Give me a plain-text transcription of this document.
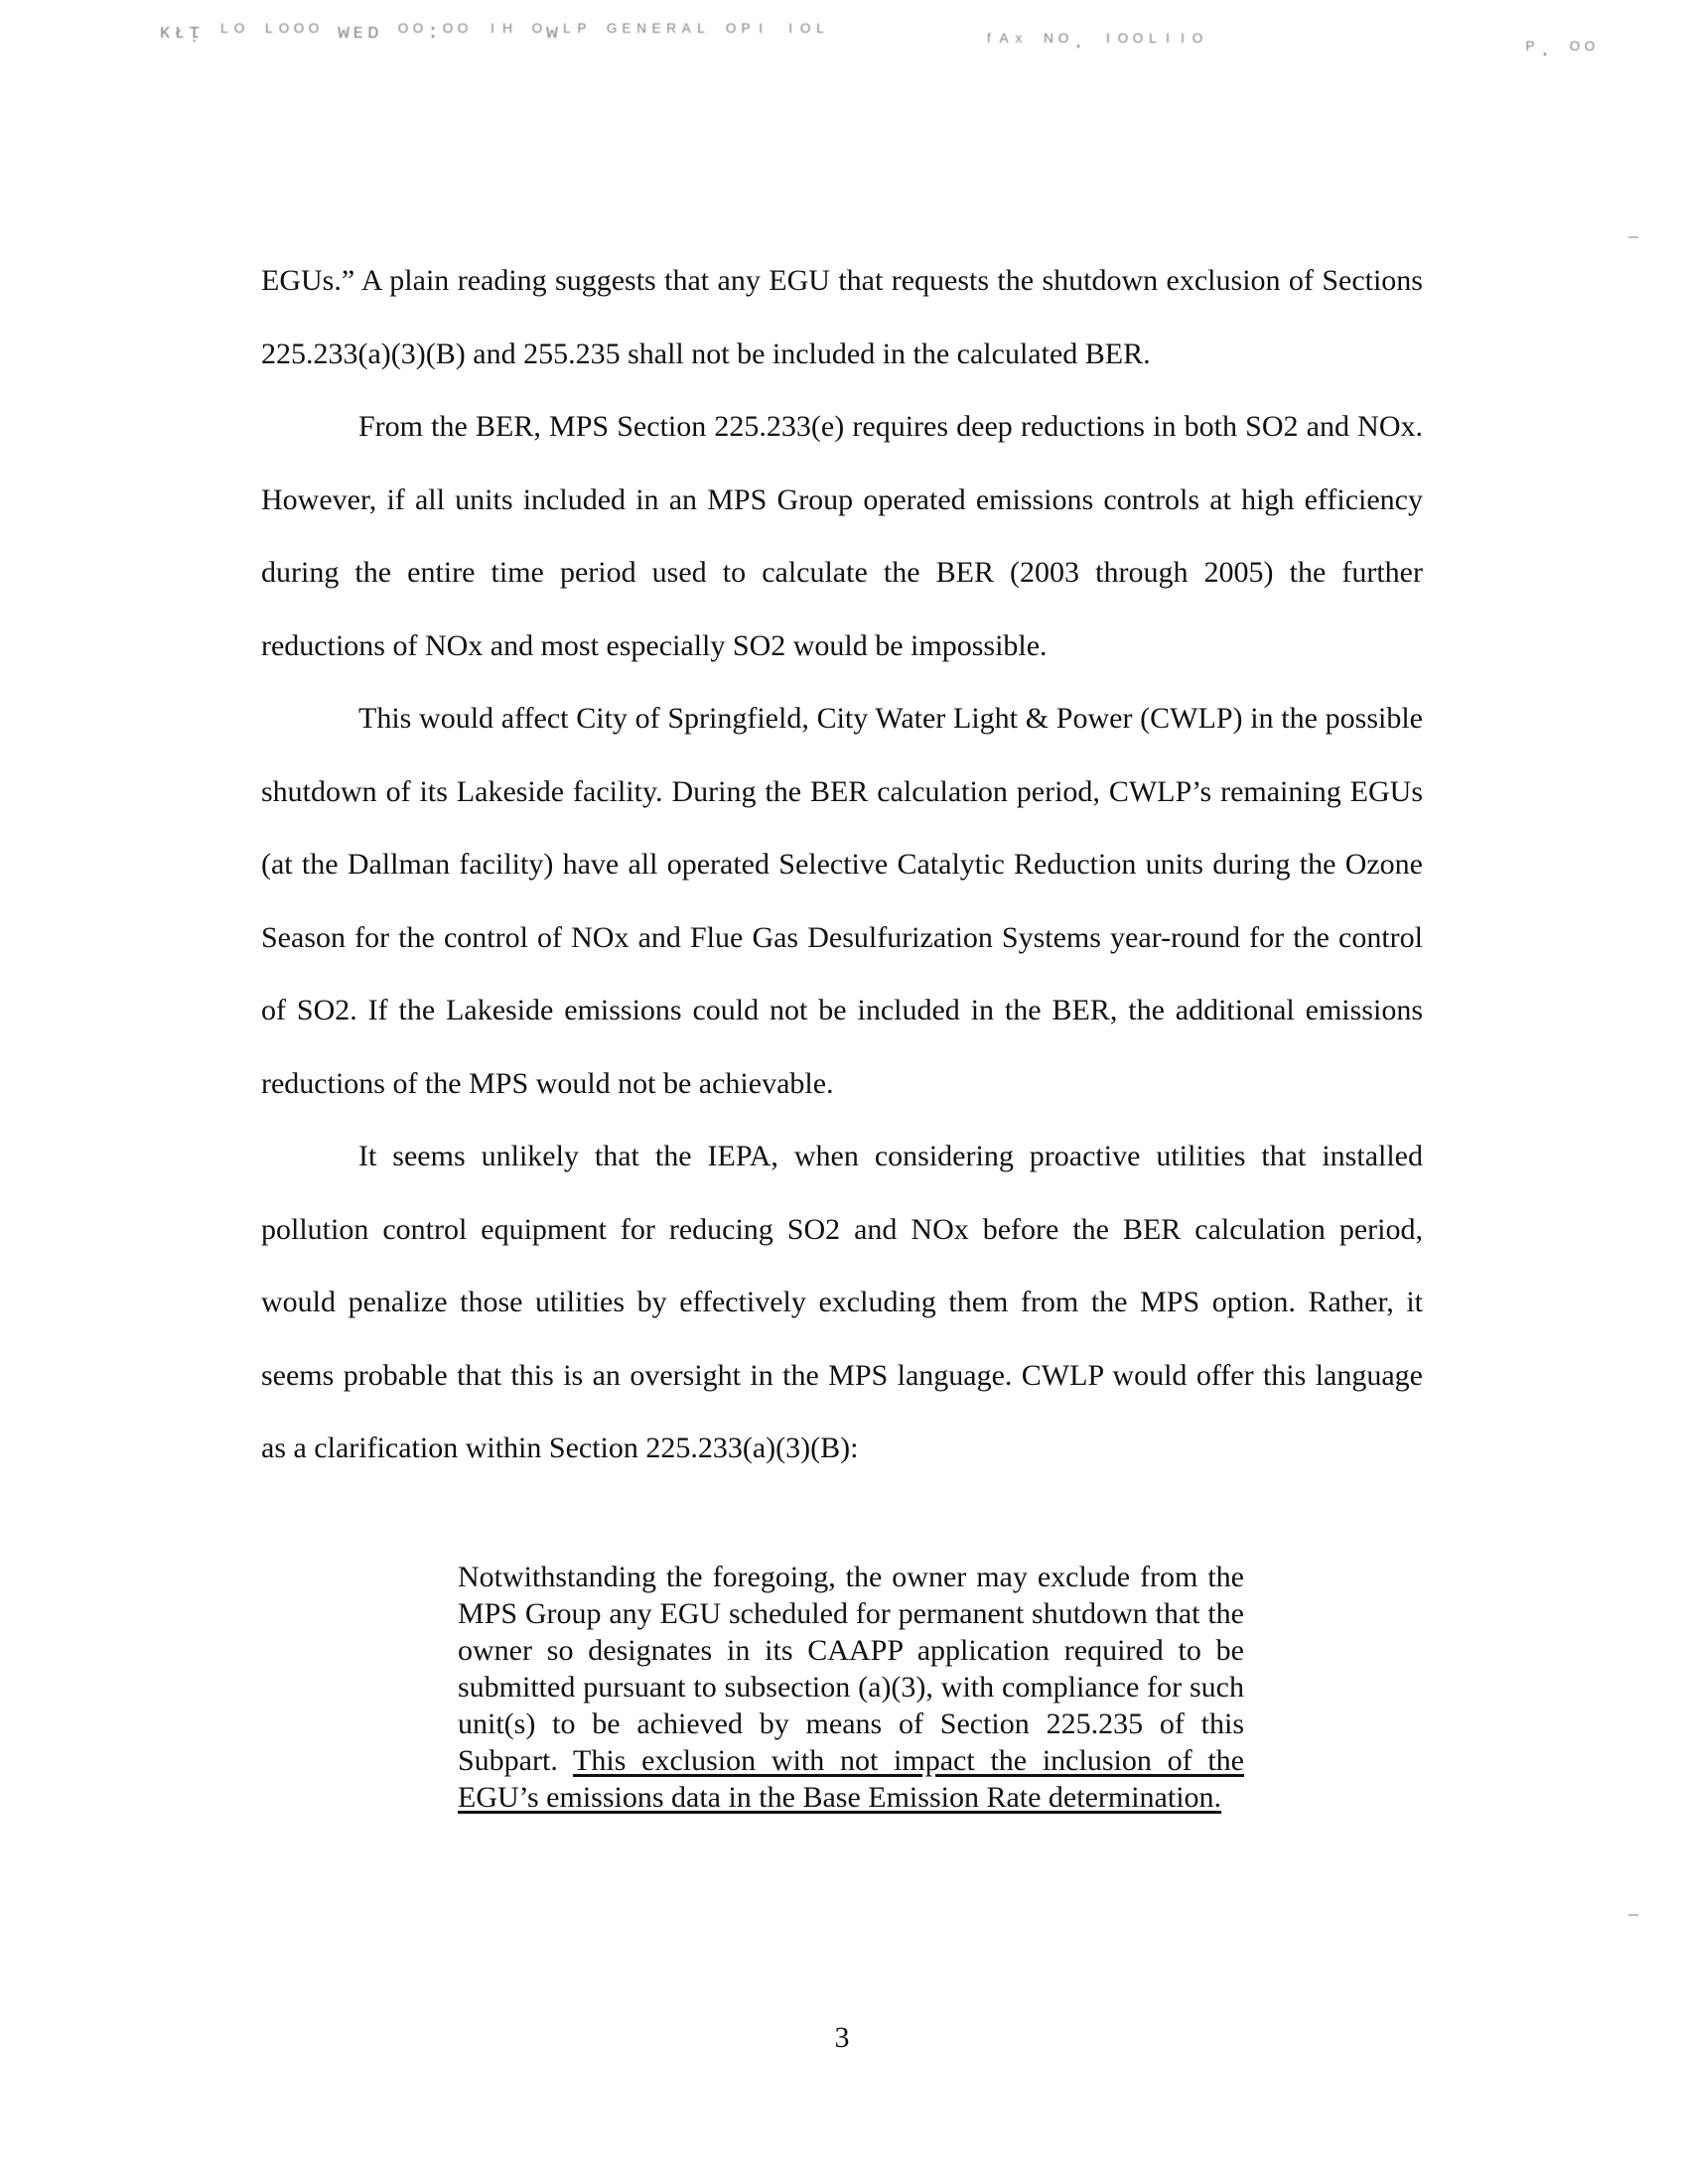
ᴋᴌᴉ ᴸᴼ ᴸᴼᴼᴼ ᴡᴇᴅ ᴼᴼ:ᴼᴼ ᴵᴴ ᴼᴡᴸᴾ ᴳᴱᴺᴱᴿᴬᴸ ᴼᴾᴵ ᴵᴼᴸ	ᶠᴬˣ ᴺᴼ. ᴵᴼᴼᴸᴵᴵᴼ	ᴾ. ᴼᴼ

EGUs.” A plain reading suggests that any EGU that requests the shutdown exclusion of Sections 225.233(a)(3)(B) and 255.235 shall not be included in the calculated BER.

From the BER, MPS Section 225.233(e) requires deep reductions in both SO2 and NOx. However, if all units included in an MPS Group operated emissions controls at high efficiency during the entire time period used to calculate the BER (2003 through 2005) the further reductions of NOx and most especially SO2 would be impossible.

This would affect City of Springfield, City Water Light & Power (CWLP) in the possible shutdown of its Lakeside facility. During the BER calculation period, CWLP’s remaining EGUs (at the Dallman facility) have all operated Selective Catalytic Reduction units during the Ozone Season for the control of NOx and Flue Gas Desulfurization Systems year-round for the control of SO2. If the Lakeside emissions could not be included in the BER, the additional emissions reductions of the MPS would not be achievable.

It seems unlikely that the IEPA, when considering proactive utilities that installed pollution control equipment for reducing SO2 and NOx before the BER calculation period, would penalize those utilities by effectively excluding them from the MPS option. Rather, it seems probable that this is an oversight in the MPS language. CWLP would offer this language as a clarification within Section 225.233(a)(3)(B):

Notwithstanding the foregoing, the owner may exclude from the MPS Group any EGU scheduled for permanent shutdown that the owner so designates in its CAAPP application required to be submitted pursuant to subsection (a)(3), with compliance for such unit(s) to be achieved by means of Section 225.235 of this Subpart. This exclusion with not impact the inclusion of the EGU’s emissions data in the Base Emission Rate determination.
3
